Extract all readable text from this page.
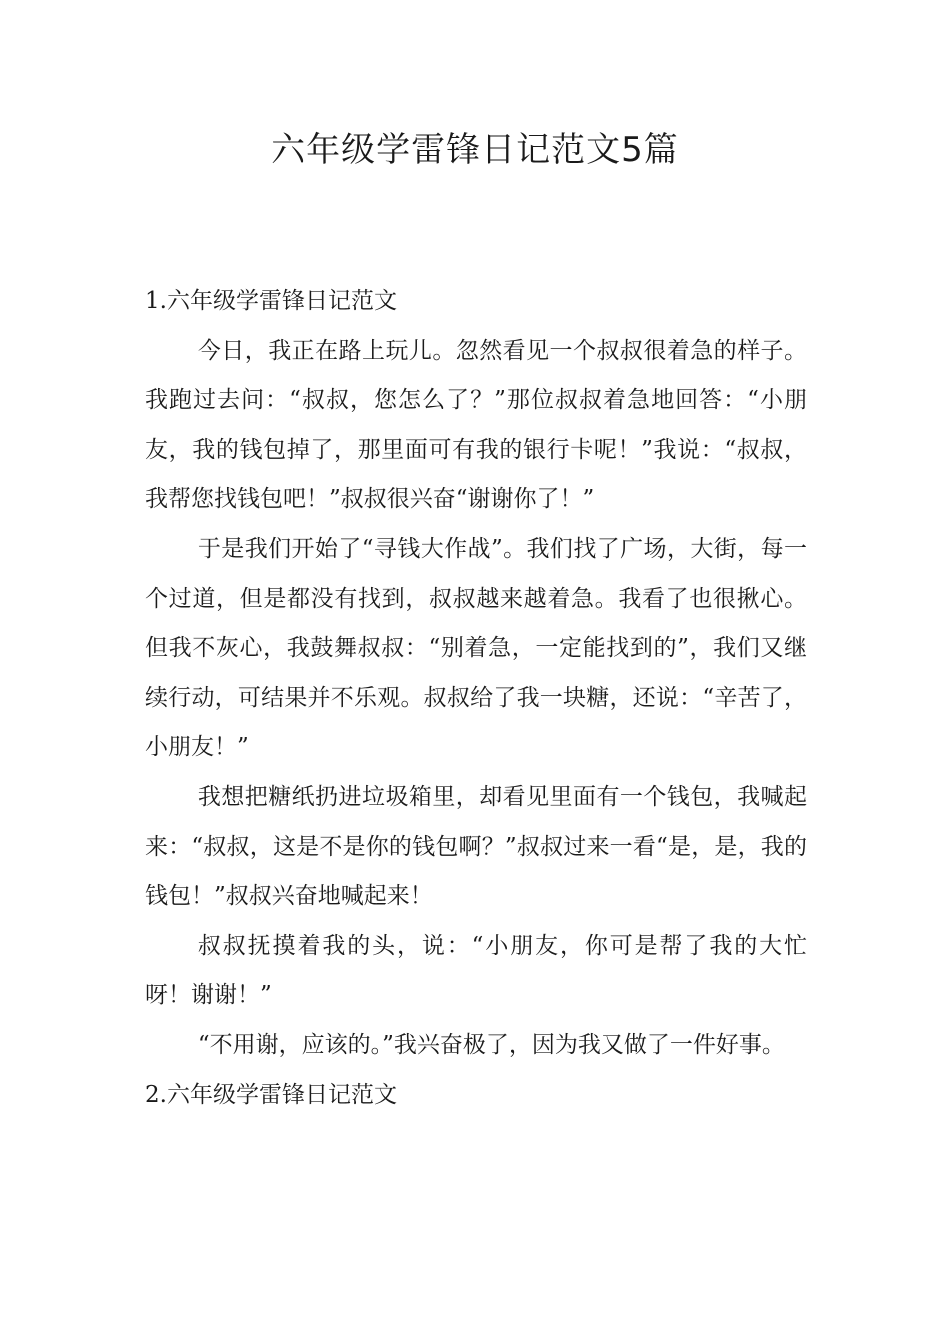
六年级学雷锋日记范文5篇
1.六年级学雷锋日记范文

今日，我正在路上玩儿。忽然看见一个叔叔很着急的样子。我跑过去问：“叔叔，您怎么了？”那位叔叔着急地回答：“小朋友，我的钱包掉了，那里面可有我的银行卡呢！”我说：“叔叔，我帮您找钱包吧！”叔叔很兴奋“谢谢你了！”

于是我们开始了“寻钱大作战”。我们找了广场，大街，每一个过道，但是都没有找到，叔叔越来越着急。我看了也很揪心。但我不灰心，我鼓舞叔叔：“别着急，一定能找到的”，我们又继续行动，可结果并不乐观。叔叔给了我一块糖，还说：“辛苦了，小朋友！”

我想把糖纸扔进垃圾箱里，却看见里面有一个钱包，我喊起来：“叔叔，这是不是你的钱包啊？”叔叔过来一看“是，是，我的钱包！”叔叔兴奋地喊起来！

叔叔抚摸着我的头，说：“小朋友，你可是帮了我的大忙呀！谢谢！”

“不用谢，应该的。”我兴奋极了，因为我又做了一件好事。

2.六年级学雷锋日记范文
